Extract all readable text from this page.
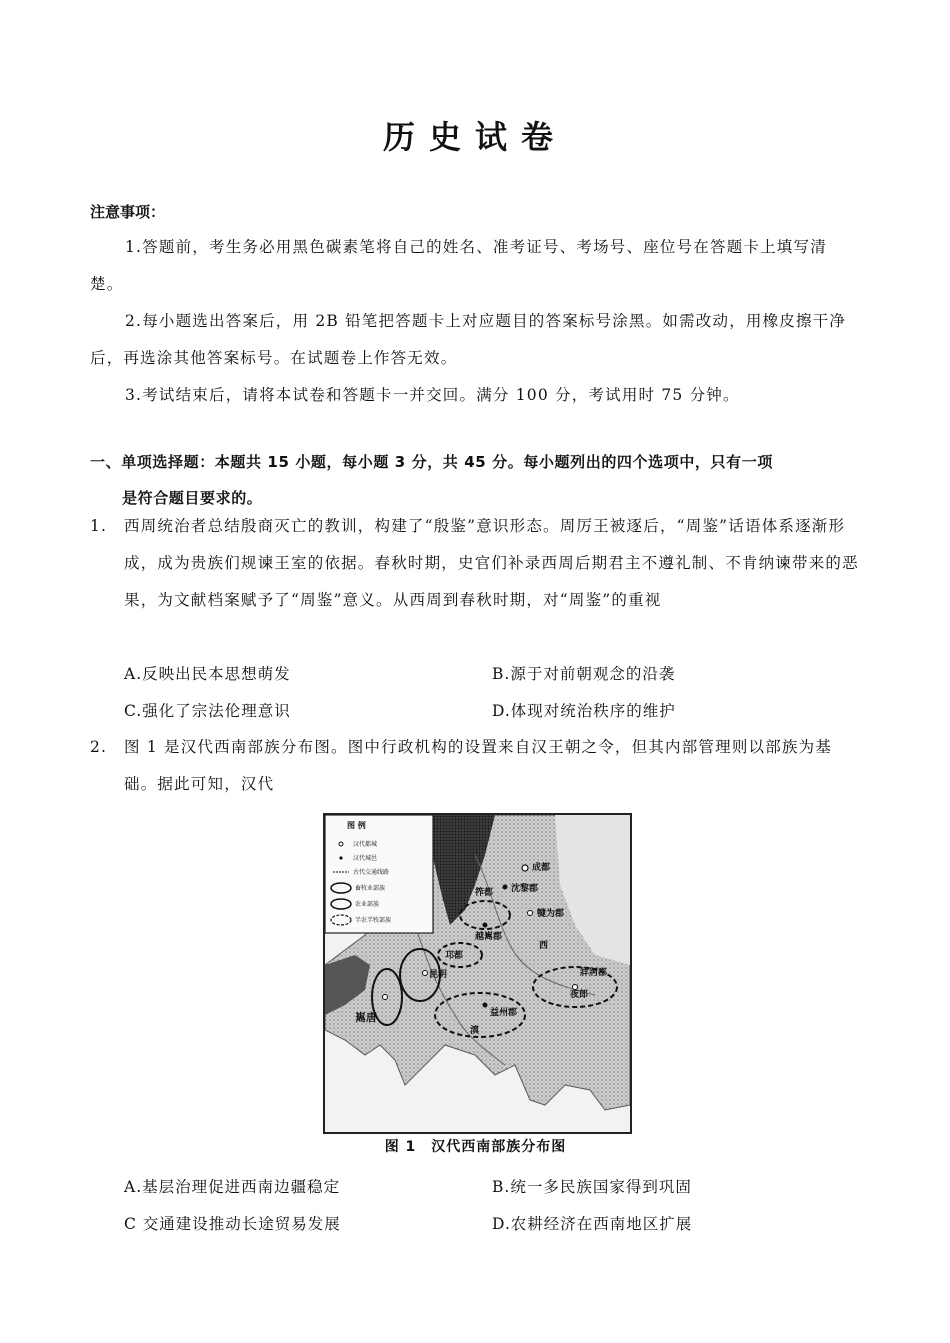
历史试卷
注意事项：
1.答题前，考生务必用黑色碳素笔将自己的姓名、准考证号、考场号、座位号在答题卡上填写清楚。
2.每小题选出答案后，用 2B 铅笔把答题卡上对应题目的答案标号涂黑。如需改动，用橡皮擦干净后，再选涂其他答案标号。在试题卷上作答无效。
3.考试结束后，请将本试卷和答题卡一并交回。满分 100 分，考试用时 75 分钟。
一、单项选择题：本题共 15 小题，每小题 3 分，共 45 分。每小题列出的四个选项中，只有一项
是符合题目要求的。
1. 西周统治者总结殷商灭亡的教训，构建了“殷鉴”意识形态。周厉王被逐后，“周鉴”话语体系逐渐形成，成为贵族们规谏王室的依据。春秋时期，史官们补录西周后期君主不遵礼制、不肯纳谏带来的恶果，为文献档案赋予了“周鉴”意义。从西周到春秋时期，对“周鉴”的重视
A.反映出民本思想萌发	B.源于对前朝观念的沿袭
C.强化了宗法伦理意识	D.体现对统治秩序的维护
2. 图 1 是汉代西南部族分布图。图中行政机构的设置来自汉王朝之令，但其内部管理则以部族为基础。据此可知，汉代
图 例
汉代都城
汉代城邑
古代交通线路
畜牧业部族
农业部族
半农半牧部族
成都
沈黎郡
犍为郡
越嶲郡
邛都
西
牂牁郡
夜郎
昆明
滇
益州郡
嶲唐
筰都
图 1　汉代西南部族分布图
A.基层治理促进西南边疆稳定	B.统一多民族国家得到巩固
C 交通建设推动长途贸易发展	D.农耕经济在西南地区扩展
